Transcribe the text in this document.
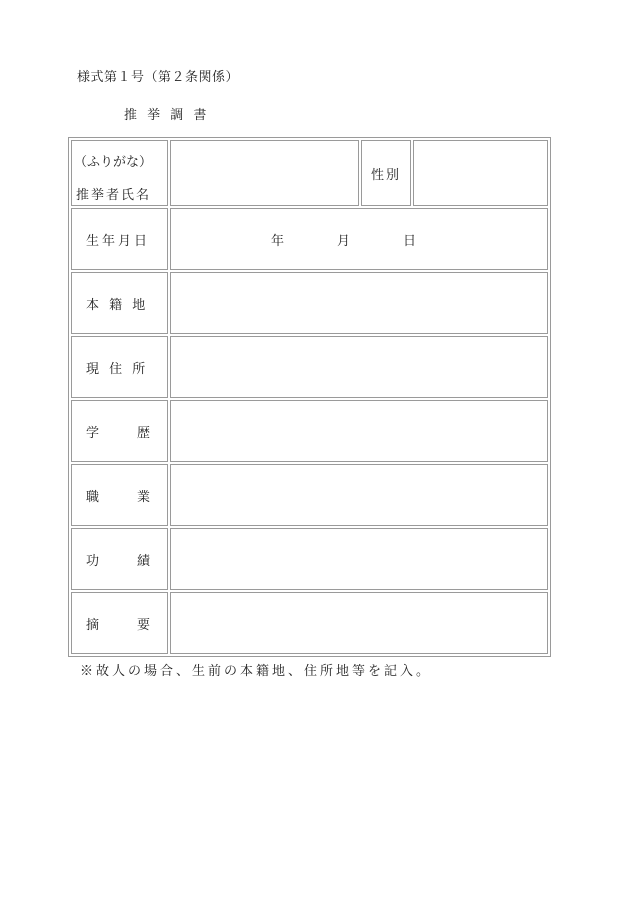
様式第１号（第２条関係）
推 挙 調 書
（ふりがな）
推挙者氏名		性別	

生年月日	年 月 日		

本 籍 地			

現 住 所			

学 歴			

職 業			

功 績			

摘 要			

※故人の場合、生前の本籍地、住所地等を記入。
